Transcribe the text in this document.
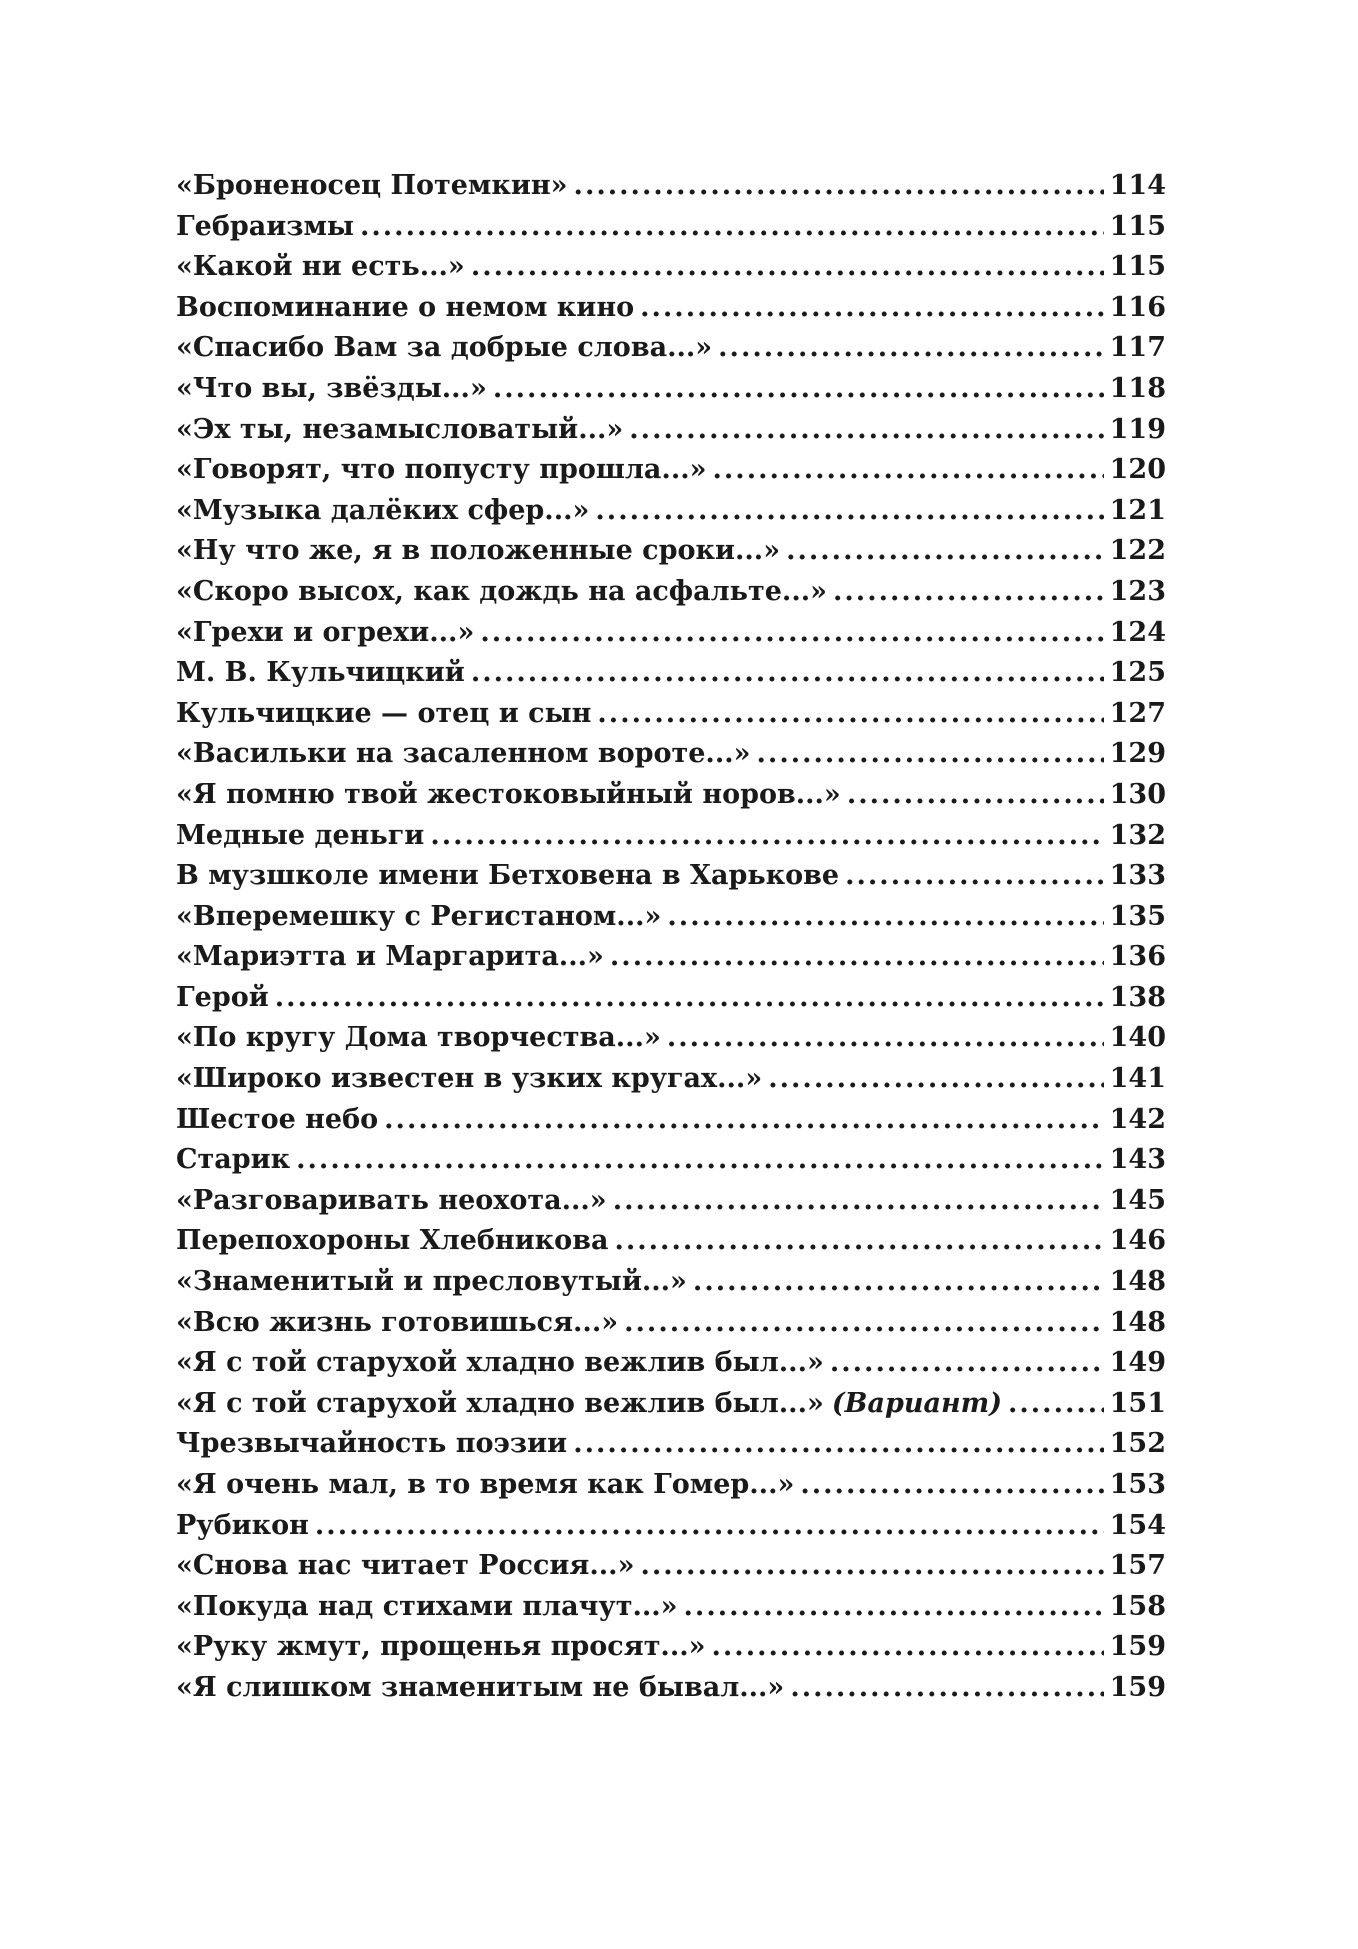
«Броненосец Потемкин» .....	114
Гебраизмы .....	115
«Какой ни есть...» .....	115
Воспоминание о немом кино .....	116
«Спасибо Вам за добрые слова...» .....	117
«Что вы, звёзды...» .....	118
«Эх ты, незамысловатый...» .....	119
«Говорят, что попусту прошла...» .....	120
«Музыка далёких сфер...» .....	121
«Ну что же, я в положенные сроки...» .....	122
«Скоро высох, как дождь на асфальте...» .....	123
«Грехи и огрехи...» .....	124
М. В. Кульчицкий .....	125
Кульчицкие — отец и сын .....	127
«Васильки на засаленном вороте...» .....	129
«Я помню твой жестоковыйный норов...» .....	130
Медные деньги .....	132
В музшколе имени Бетховена в Харькове .....	133
«Вперемешку с Регистаном...» .....	135
«Мариэтта и Маргарита...» .....	136
Герой .....	138
«По кругу Дома творчества...» .....	140
«Широко известен в узких кругах...» .....	141
Шестое небо .....	142
Старик .....	143
«Разговаривать неохота...» .....	145
Перепохороны Хлебникова .....	146
«Знаменитый и пресловутый...» .....	148
«Всю жизнь готовишься...» .....	148
«Я с той старухой хладно вежлив был...» .....	149
«Я с той старухой хладно вежлив был...» (Вариант) .....	151
Чрезвычайность поэзии .....	152
«Я очень мал, в то время как Гомер...» .....	153
Рубикон .....	154
«Снова нас читает Россия...» .....	157
«Покуда над стихами плачут...» .....	158
«Руку жмут, прощенья просят...» .....	159
«Я слишком знаменитым не бывал...» .....	159
